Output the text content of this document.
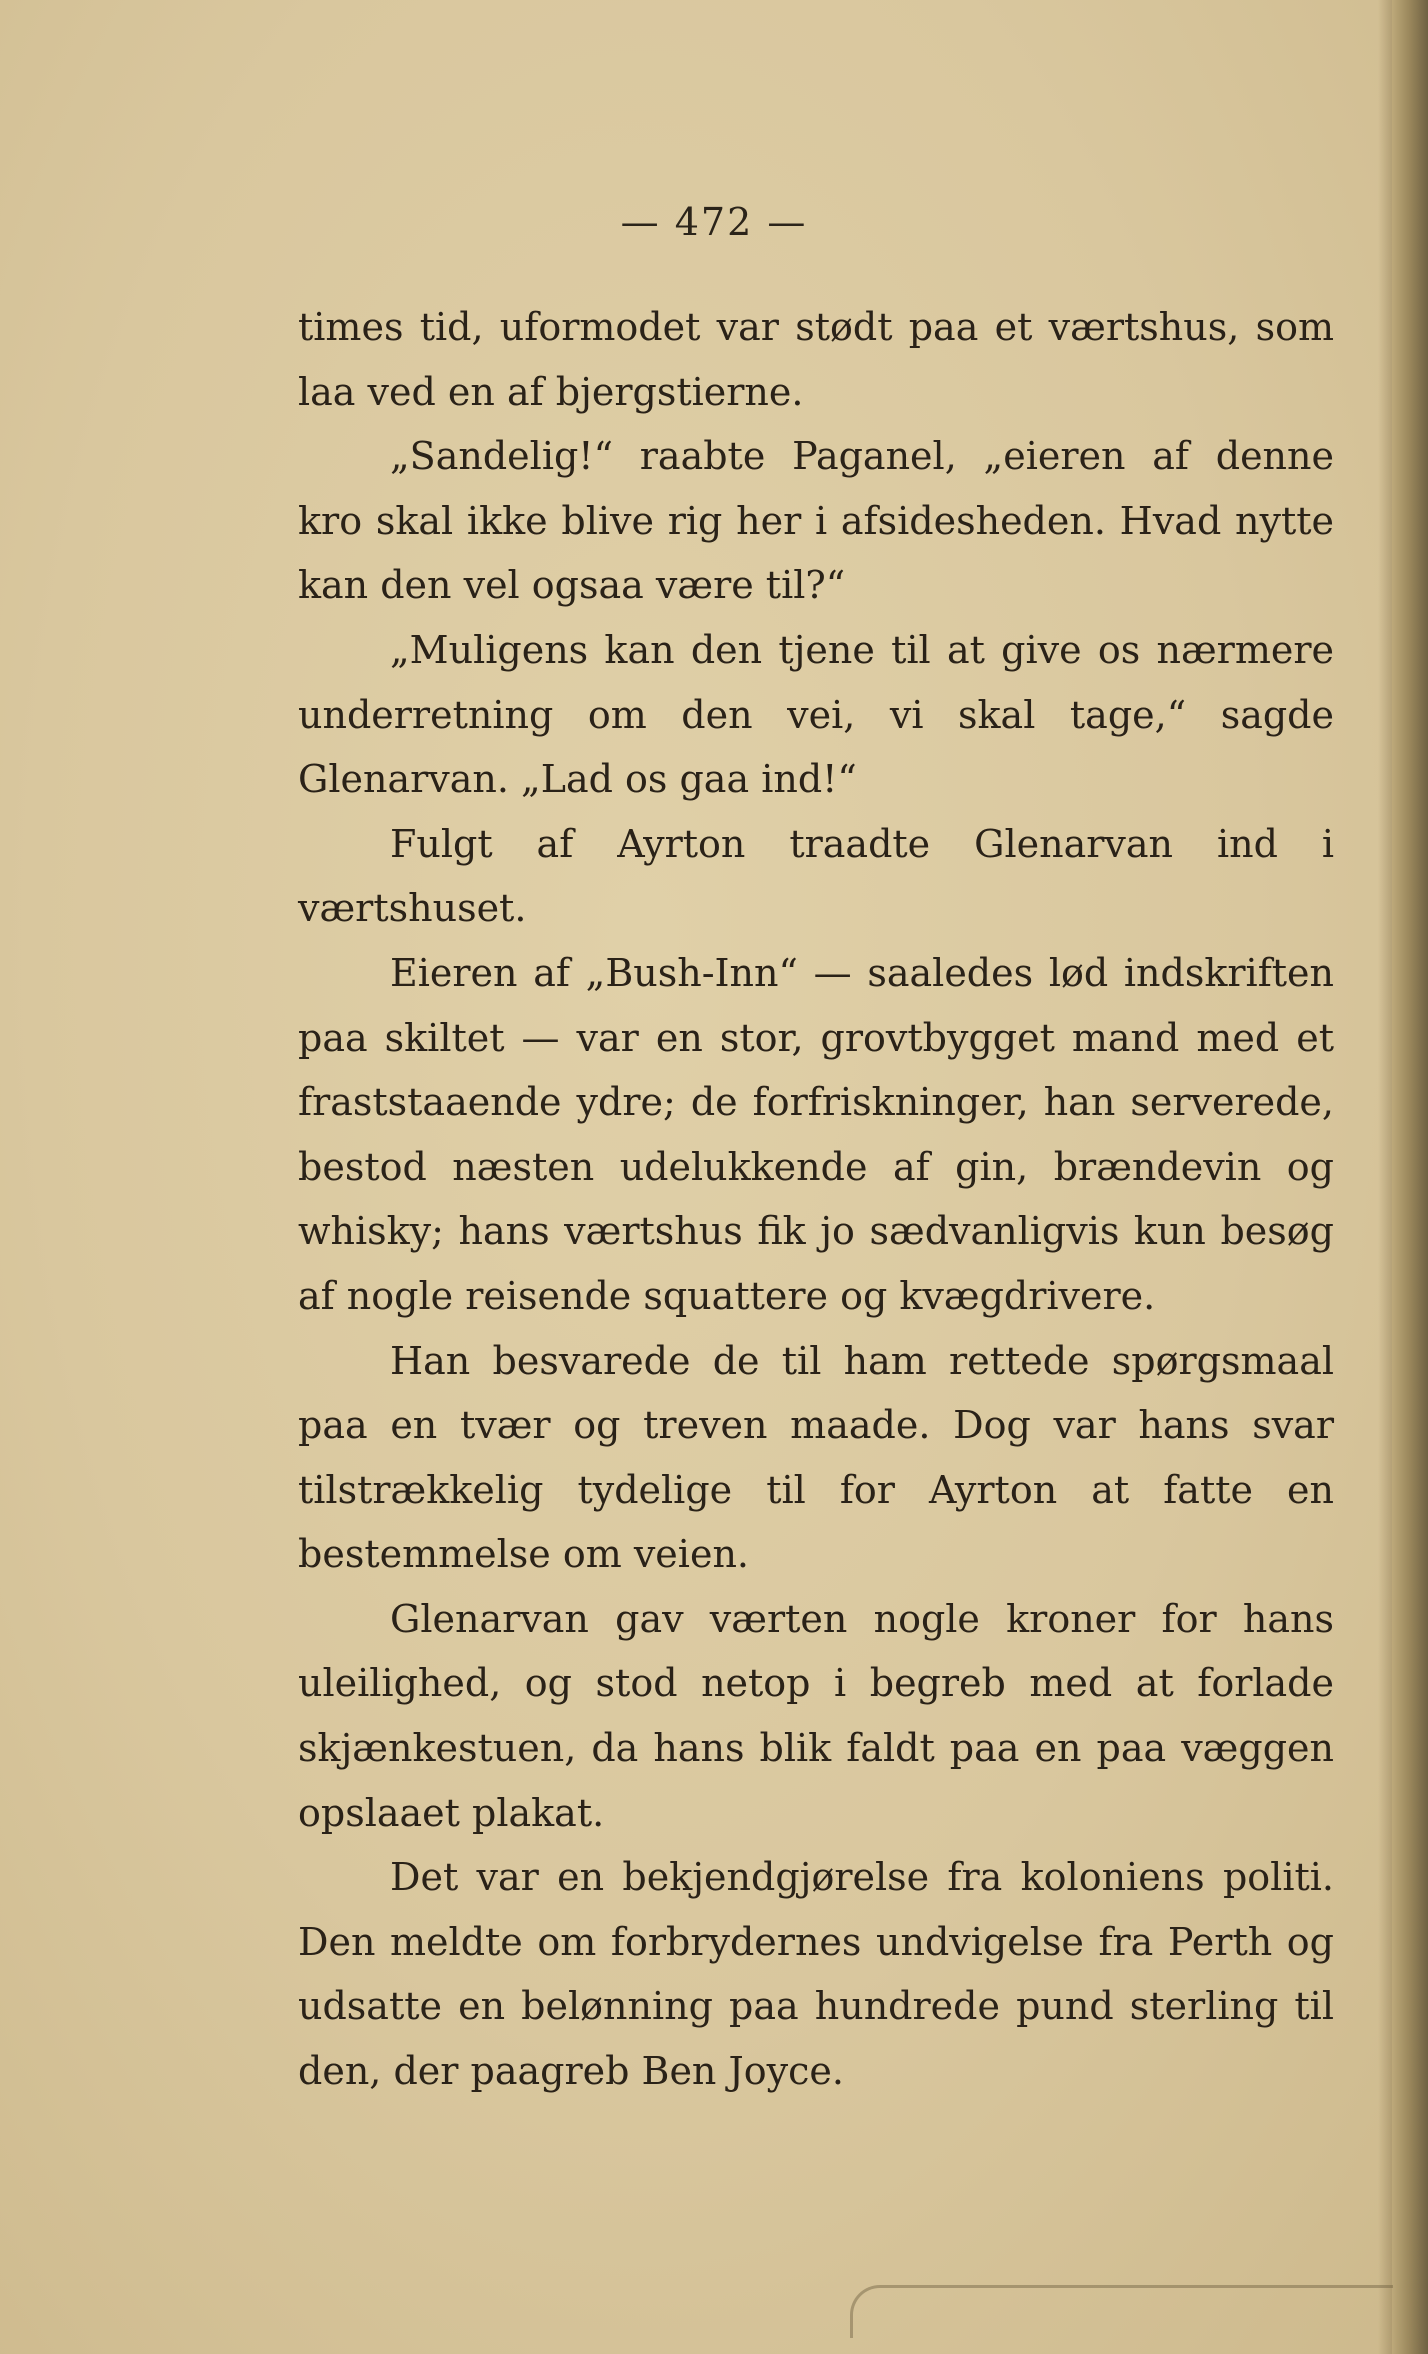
— 472 —

times tid, uformodet var stødt paa et værtshus, som laa ved en af bjergstierne.

„Sandelig!“ raabte Paganel, „eieren af denne kro skal ikke blive rig her i afsidesheden. Hvad nytte kan den vel ogsaa være til?“

„Muligens kan den tjene til at give os nærmere underretning om den vei, vi skal tage,“ sagde Glenarvan. „Lad os gaa ind!“

Fulgt af Ayrton traadte Glenarvan ind i værtshuset.

Eieren af „Bush-Inn“ — saaledes lød indskriften paa skiltet — var en stor, grovtbygget mand med et fraststaaende ydre; de forfriskninger, han serverede, bestod næsten udelukkende af gin, brændevin og whisky; hans værtshus fik jo sædvanligvis kun besøg af nogle reisende squattere og kvægdrivere.

Han besvarede de til ham rettede spørgsmaal paa en tvær og treven maade. Dog var hans svar tilstrækkelig tydelige til for Ayrton at fatte en bestemmelse om veien.

Glenarvan gav værten nogle kroner for hans uleilighed, og stod netop i begreb med at forlade skjænkestuen, da hans blik faldt paa en paa væggen opslaaet plakat.

Det var en bekjendgjørelse fra koloniens politi. Den meldte om forbrydernes undvigelse fra Perth og udsatte en belønning paa hundrede pund sterling til den, der paagreb Ben Joyce.
